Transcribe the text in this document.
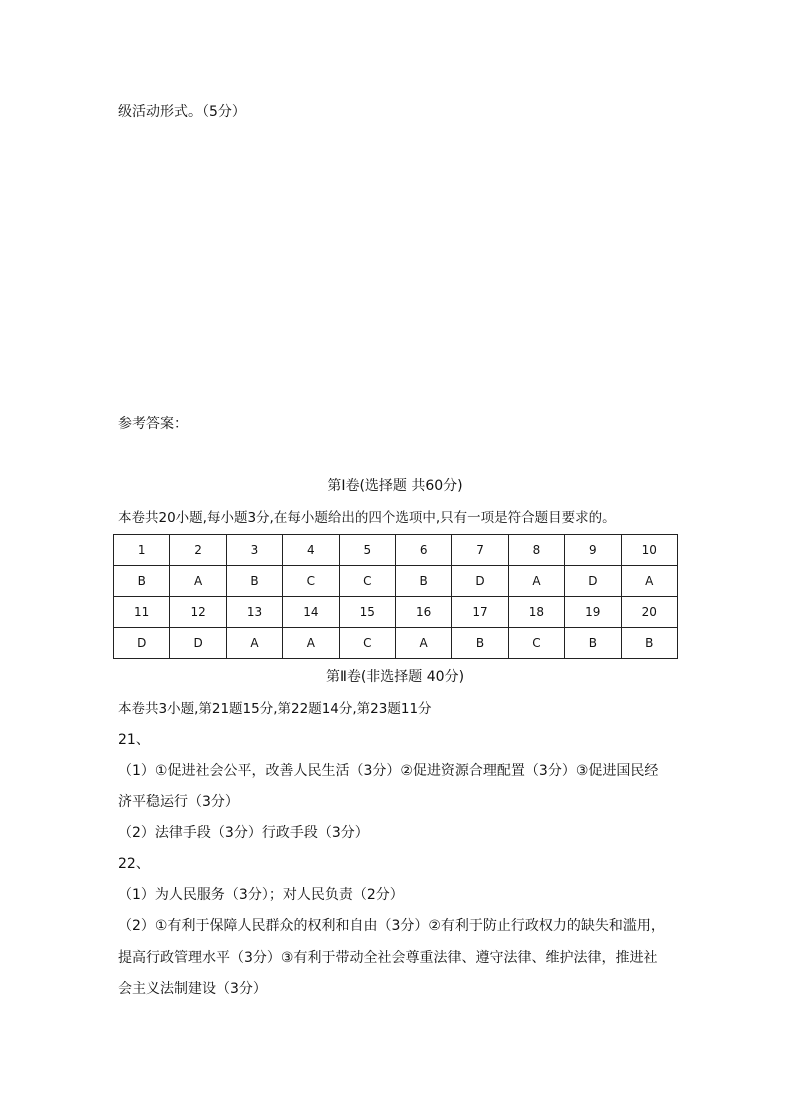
级活动形式。（5分）
参考答案：
第Ⅰ卷(选择题 共60分)
本卷共20小题,每小题3分,在每小题给出的四个选项中,只有一项是符合题目要求的。
1	2	3	4	5	6	7	8	9	10
B	A	B	C	C	B	D	A	D	A
11	12	13	14	15	16	17	18	19	20
D	D	A	A	C	A	B	C	B	B
第Ⅱ卷(非选择题 40分)
本卷共3小题,第21题15分,第22题14分,第23题11分
21、
（1）①促进社会公平，改善人民生活（3分）②促进资源合理配置（3分）③促进国民经
济平稳运行（3分）
（2）法律手段（3分）行政手段（3分）
22、
（1）为人民服务（3分）；对人民负责（2分）
（2）①有利于保障人民群众的权利和自由（3分）②有利于防止行政权力的缺失和滥用，
提高行政管理水平（3分）③有利于带动全社会尊重法律、遵守法律、维护法律，推进社
会主义法制建设（3分）
